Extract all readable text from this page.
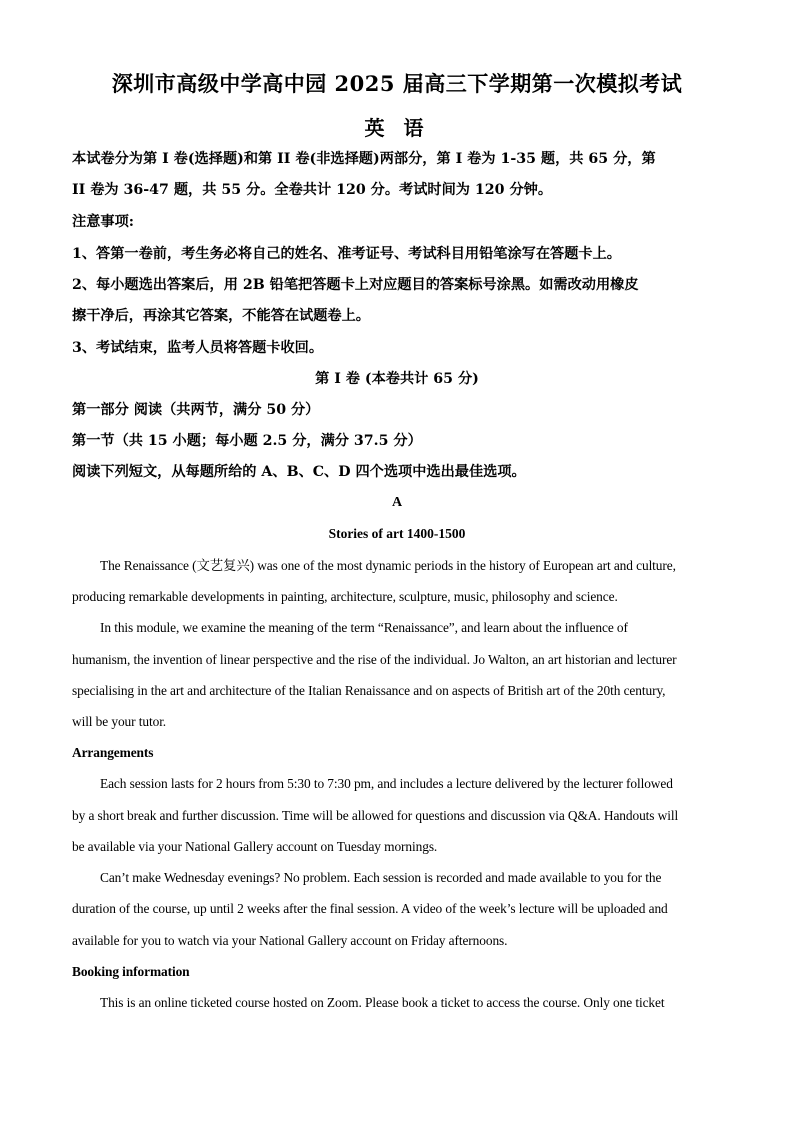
深圳市高级中学高中园 2025 届高三下学期第一次模拟考试
英 语
本试卷分为第 I 卷(选择题)和第 II 卷(非选择题)两部分，第 I 卷为 1-35 题，共 65 分，第
II 卷为 36-47 题，共 55 分。全卷共计 120 分。考试时间为 120 分钟。
注意事项:
1、答第一卷前，考生务必将自己的姓名、准考证号、考试科目用铅笔涂写在答题卡上。
2、每小题选出答案后，用 2B 铅笔把答题卡上对应题目的答案标号涂黑。如需改动用橡皮
擦干净后，再涂其它答案，不能答在试题卷上。
3、考试结束，监考人员将答题卡收回。
第 I 卷 (本卷共计 65 分)
第一部分 阅读（共两节，满分 50 分）
第一节（共 15 小题；每小题 2.5 分，满分 37.5 分）
阅读下列短文，从每题所给的 A、B、C、D 四个选项中选出最佳选项。
A
Stories of art 1400-1500
The Renaissance (文艺复兴) was one of the most dynamic periods in the history of European art and culture,
producing remarkable developments in painting, architecture, sculpture, music, philosophy and science.
In this module, we examine the meaning of the term “Renaissance”, and learn about the influence of
humanism, the invention of linear perspective and the rise of the individual. Jo Walton, an art historian and lecturer
specialising in the art and architecture of the Italian Renaissance and on aspects of British art of the 20th century,
will be your tutor.
Arrangements
Each session lasts for 2 hours from 5:30 to 7:30 pm, and includes a lecture delivered by the lecturer followed
by a short break and further discussion. Time will be allowed for questions and discussion via Q&A. Handouts will
be available via your National Gallery account on Tuesday mornings.
Can’t make Wednesday evenings? No problem. Each session is recorded and made available to you for the
duration of the course, up until 2 weeks after the final session. A video of the week’s lecture will be uploaded and
available for you to watch via your National Gallery account on Friday afternoons.
Booking information
This is an online ticketed course hosted on Zoom. Please book a ticket to access the course. Only one ticket
